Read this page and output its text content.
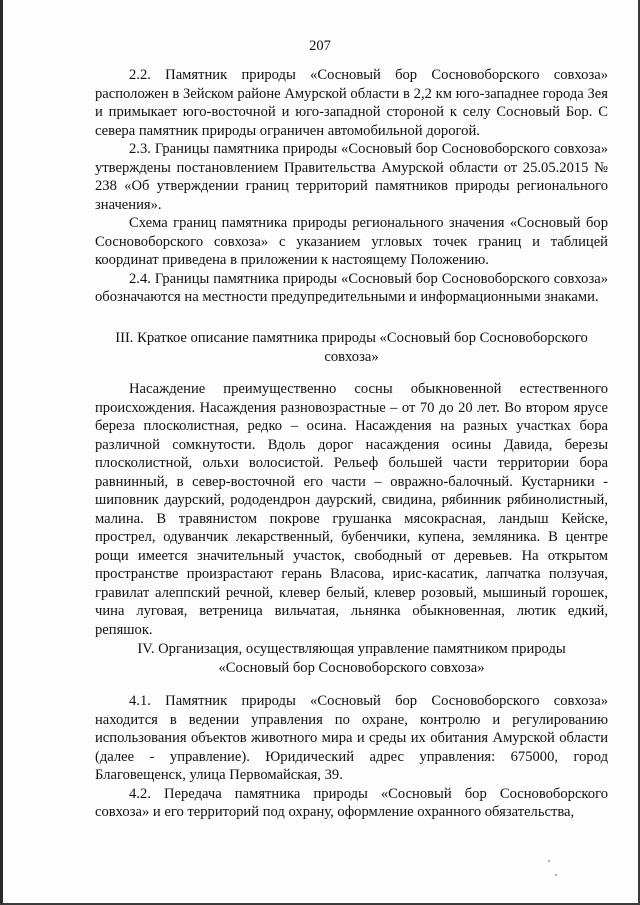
207

2.2. Памятник природы «Сосновый бор Сосновоборского совхоза» расположен в Зейском районе Амурской области в 2,2 км юго-западнее города Зея и примыкает юго-восточной и юго-западной стороной к селу Сосновый Бор. С севера памятник природы ограничен автомобильной дорогой.

2.3. Границы памятника природы «Сосновый бор Сосновоборского совхоза» утверждены постановлением Правительства Амурской области от 25.05.2015 № 238 «Об утверждении границ территорий памятников природы регионального значения».

Схема границ памятника природы регионального значения «Сосновый бор Сосновоборского совхоза» с указанием угловых точек границ и таблицей координат приведена в приложении к настоящему Положению.

2.4. Границы памятника природы «Сосновый бор Сосновоборского совхоза» обозначаются на местности предупредительными и информационными знаками.

III. Краткое описание памятника природы «Сосновый бор Сосновоборского
совхоза»

Насаждение преимущественно сосны обыкновенной естественного происхождения. Насаждения разновозрастные – от 70 до 20 лет. Во втором ярусе береза плосколистная, редко – осина. Насаждения на разных участках бора различной сомкнутости. Вдоль дорог насаждения осины Давида, березы плосколистной, ольхи волосистой. Рельеф большей части территории бора равнинный, в север-восточной его части – овражно-балочный. Кустарники - шиповник даурский, рододендрон даурский, свидина, рябинник рябинолистный, малина. В травянистом покрове грушанка мясокрасная, ландыш Кейске, прострел, одуванчик лекарственный, бубенчики, купена, земляника. В центре рощи имеется значительный участок, свободный от деревьев. На открытом пространстве произрастают герань Власова, ирис-касатик, лапчатка ползучая, гравилат алеппский речной, клевер белый, клевер розовый, мышиный горошек, чина луговая, ветреница вильчатая, льнянка обыкновенная, лютик едкий, репяшок.

IV. Организация, осуществляющая управление памятником природы
«Сосновый бор Сосновоборского совхоза»

4.1. Памятник природы «Сосновый бор Сосновоборского совхоза» находится в ведении управления по охране, контролю и регулированию использования объектов животного мира и среды их обитания Амурской области (далее - управление). Юридический адрес управления: 675000, город Благовещенск, улица Первомайская, 39.

4.2. Передача памятника природы «Сосновый бор Сосновоборского совхоза» и его территорий под охрану, оформление охранного обязательства,
